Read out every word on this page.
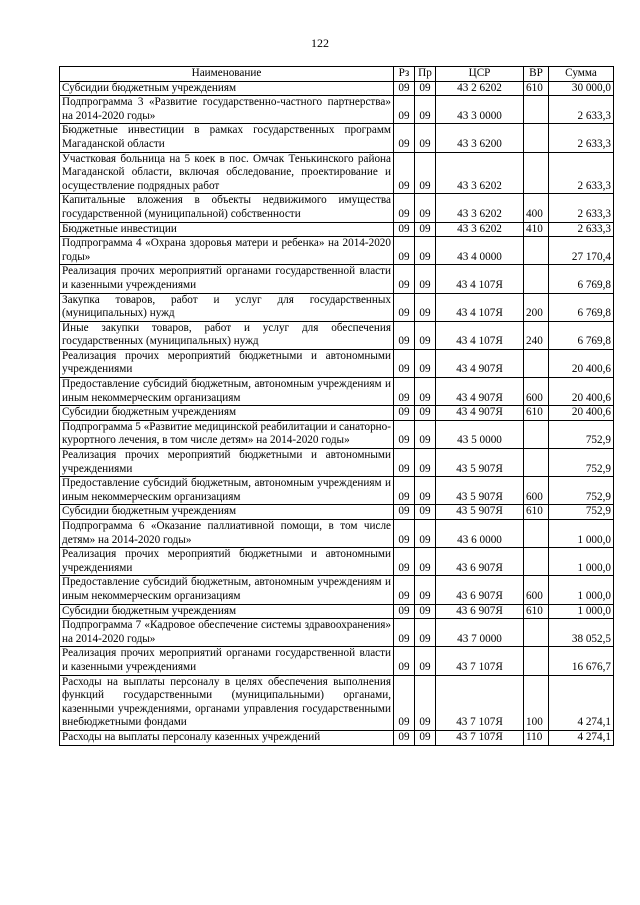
122
Наименование	Рз	Пр	ЦСР	ВР	Сумма
Субсидии бюджетным учреждениям	09	09	43 2 6202	610	30 000,0
Подпрограмма 3 «Развитие государственно-частного партнерства» на 2014-2020 годы»	09	09	43 3 0000		2 633,3
Бюджетные инвестиции в рамках государственных программ Магаданской области	09	09	43 3 6200		2 633,3
Участковая больница на 5 коек в пос. Омчак Тенькинского района Магаданской области, включая обследование, проектирование и осуществление подрядных работ	09	09	43 3 6202		2 633,3
Капитальные вложения в объекты недвижимого имущества государственной (муниципальной) собственности	09	09	43 3 6202	400	2 633,3
Бюджетные инвестиции	09	09	43 3 6202	410	2 633,3
Подпрограмма 4 «Охрана здоровья матери и ребенка» на 2014-2020 годы»	09	09	43 4 0000		27 170,4
Реализация прочих мероприятий органами государственной власти и казенными учреждениями	09	09	43 4 107Я		6 769,8
Закупка товаров, работ и услуг для государственных (муниципальных) нужд	09	09	43 4 107Я	200	6 769,8
Иные закупки товаров, работ и услуг для обеспечения государственных (муниципальных) нужд	09	09	43 4 107Я	240	6 769,8
Реализация прочих мероприятий бюджетными и автономными учреждениями	09	09	43 4 907Я		20 400,6
Предоставление субсидий бюджетным, автономным учреждениям и иным некоммерческим организациям	09	09	43 4 907Я	600	20 400,6
Субсидии бюджетным учреждениям	09	09	43 4 907Я	610	20 400,6
Подпрограмма 5 «Развитие медицинской реабилитации и санаторно-курортного лечения, в том числе детям» на 2014-2020 годы»	09	09	43 5 0000		752,9
Реализация прочих мероприятий бюджетными и автономными учреждениями	09	09	43 5 907Я		752,9
Предоставление субсидий бюджетным, автономным учреждениям и иным некоммерческим организациям	09	09	43 5 907Я	600	752,9
Субсидии бюджетным учреждениям	09	09	43 5 907Я	610	752,9
Подпрограмма 6 «Оказание паллиативной помощи, в том числе детям» на 2014-2020 годы»	09	09	43 6 0000		1 000,0
Реализация прочих мероприятий бюджетными и автономными учреждениями	09	09	43 6 907Я		1 000,0
Предоставление субсидий бюджетным, автономным учреждениям и иным некоммерческим организациям	09	09	43 6 907Я	600	1 000,0
Субсидии бюджетным учреждениям	09	09	43 6 907Я	610	1 000,0
Подпрограмма 7 «Кадровое обеспечение системы здравоохранения» на 2014-2020 годы»	09	09	43 7 0000		38 052,5
Реализация прочих мероприятий органами государственной власти и казенными учреждениями	09	09	43 7 107Я		16 676,7
Расходы на выплаты персоналу в целях обеспечения выполнения функций государственными (муниципальными) органами, казенными учреждениями, органами управления государственными внебюджетными фондами	09	09	43 7 107Я	100	4 274,1
Расходы на выплаты персоналу казенных учреждений	09	09	43 7 107Я	110	4 274,1
